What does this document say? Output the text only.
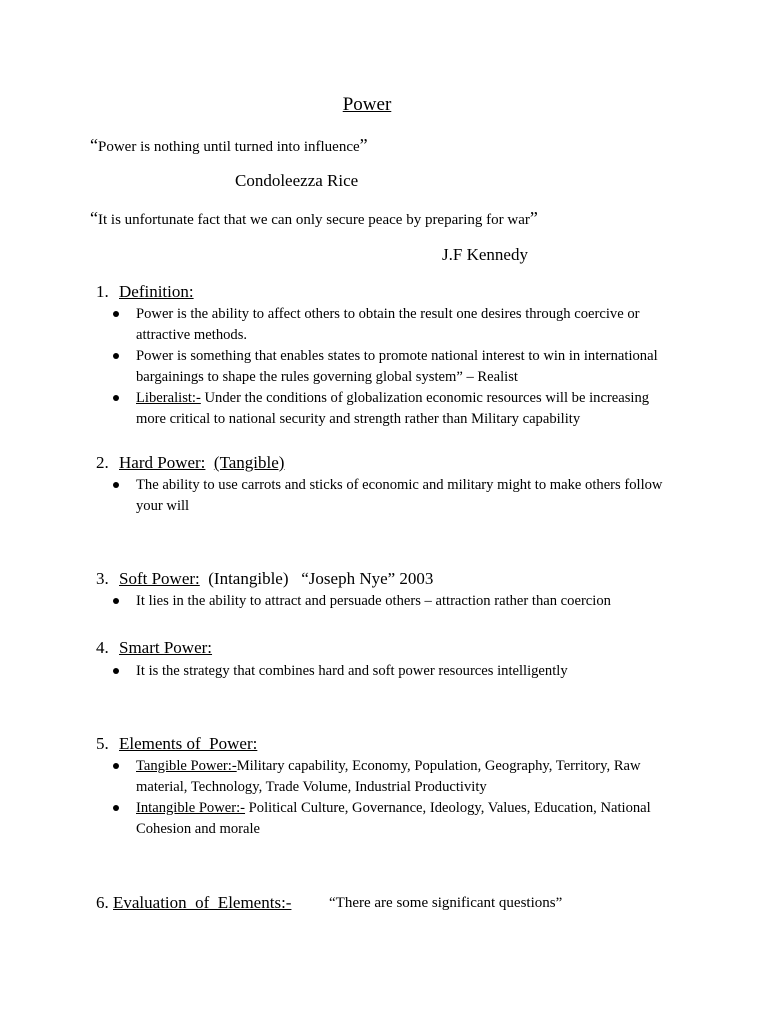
Power
“Power is nothing until turned into influence”
Condoleezza Rice
“It is unfortunate fact that we can only secure peace by preparing for war”
J.F Kennedy
1. Definition:
Power is the ability to affect others to obtain the result one desires through coercive or attractive methods.
Power is something that enables states to promote national interest to win in international bargainings to shape the rules governing global system” – Realist
Liberalist:- Under the conditions of globalization economic resources will be increasing more critical to national security and strength rather than Military capability
2. Hard Power: (Tangible)
The ability to use carrots and sticks of economic and military might to make others follow your will
3. Soft Power: (Intangible)   “Joseph Nye” 2003
It lies in the ability to attract and persuade others – attraction rather than coercion
4. Smart Power:
It is the strategy that combines hard and soft power resources intelligently
5. Elements of  Power:
Tangible Power:-Military capability, Economy, Population, Geography, Territory, Raw material, Technology, Trade Volume, Industrial Productivity
Intangible Power:- Political Culture, Governance, Ideology, Values, Education, National Cohesion and morale
6. Evaluation  of  Elements:-	“There are some significant questions”
